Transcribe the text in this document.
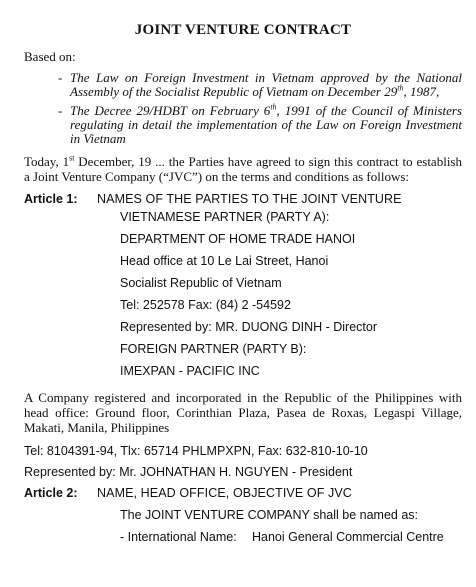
JOINT VENTURE CONTRACT

Based on:

- The Law on Foreign Investment in Vietnam approved by the National Assembly of the Socialist Republic of Vietnam on December 29th, 1987,
- The Decree 29/HDBT on February 6th, 1991 of the Council of Ministers regulating in detail the implementation of the Law on Foreign Investment in Vietnam

Today, 1st December, 19 ... the Parties have agreed to sign this contract to establish a Joint Venture Company (“JVC”) on the terms and conditions as follows:

Article 1:	NAMES OF THE PARTIES TO THE JOINT VENTURE
VIETNAMESE PARTNER (PARTY A):
DEPARTMENT OF HOME TRADE HANOI
Head office at 10 Le Lai Street, Hanoi
Socialist Republic of Vietnam
Tel: 252578 Fax: (84) 2 -54592
Represented by: MR. DUONG DINH - Director
FOREIGN PARTNER (PARTY B):
IMEXPAN - PACIFIC INC

A Company registered and incorporated in the Republic of the Philippines with head office: Ground floor, Corinthian Plaza, Pasea de Roxas, Legaspi Village, Makati, Manila, Philippines

Tel: 8104391-94, Tlx: 65714 PHLMPXPN, Fax: 632-810-10-10
Represented by: Mr. JOHNATHAN H. NGUYEN - President
Article 2:	NAME, HEAD OFFICE, OBJECTIVE OF JVC
The JOINT VENTURE COMPANY shall be named as:
- International Name:	Hanoi General Commercial Centre
